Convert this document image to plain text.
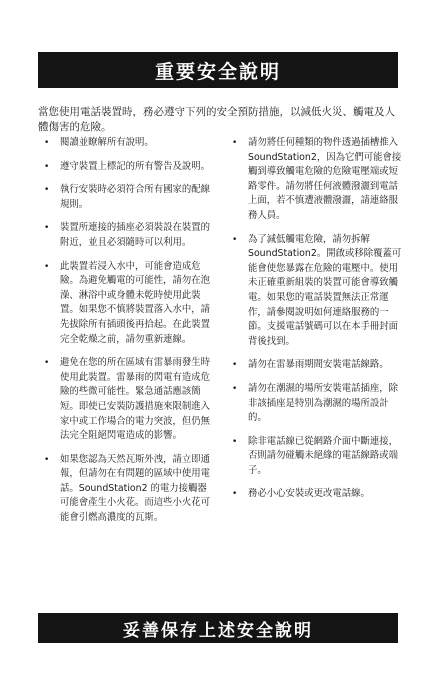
重要安全說明

當您使用電話裝置時，務必遵守下列的安全預防措施，以減低火災、觸電及人體傷害的危險。

• 閱讀並瞭解所有說明。
• 遵守裝置上標記的所有警告及說明。
• 執行安裝時必須符合所有國家的配線規則。
• 裝置所連接的插座必須裝設在裝置的附近，並且必須隨時可以利用。
• 此裝置若浸入水中，可能會造成危險。為避免觸電的可能性，請勿在泡澡、淋浴中或身體未乾時使用此裝置。如果您不慎將裝置落入水中，請先拔除所有插頭後再拾起。在此裝置完全乾燥之前，請勿重新連線。
• 避免在您的所在區域有雷暴雨發生時使用此裝置。雷暴雨的閃電有造成危險的些微可能性。緊急通話應該簡短。即使已安裝防護措施來限制進入家中或工作場合的電力突波，但仍無法完全阻絕閃電造成的影響。
• 如果您認為天然瓦斯外洩，請立即通報，但請勿在有問題的區域中使用電話。SoundStation2 的電力接觸器可能會產生小火花。而這些小火花可能會引燃高濃度的瓦斯。
• 請勿將任何種類的物件透過插槽推入 SoundStation2，因為它們可能會接觸到導致觸電危險的危險電壓端或短路零件。請勿將任何液體潑灑到電話上面，若不慎遭液體潑灑，請連絡服務人員。
• 為了減低觸電危險，請勿拆解 SoundStation2。開啟或移除覆蓋可能會使您暴露在危險的電壓中。使用未正確重新組裝的裝置可能會導致觸電。如果您的電話裝置無法正常運作，請參閱說明如何連絡服務的一節。支援電話號碼可以在本手冊封面背後找到。
• 請勿在雷暴雨期間安裝電話線路。
• 請勿在潮濕的場所安裝電話插座，除非該插座是特別為潮濕的場所設計的。
• 除非電話線已從網路介面中斷連接，否則請勿碰觸未絕緣的電話線路或端子。
• 務必小心安裝或更改電話線。
妥善保存上述安全說明
